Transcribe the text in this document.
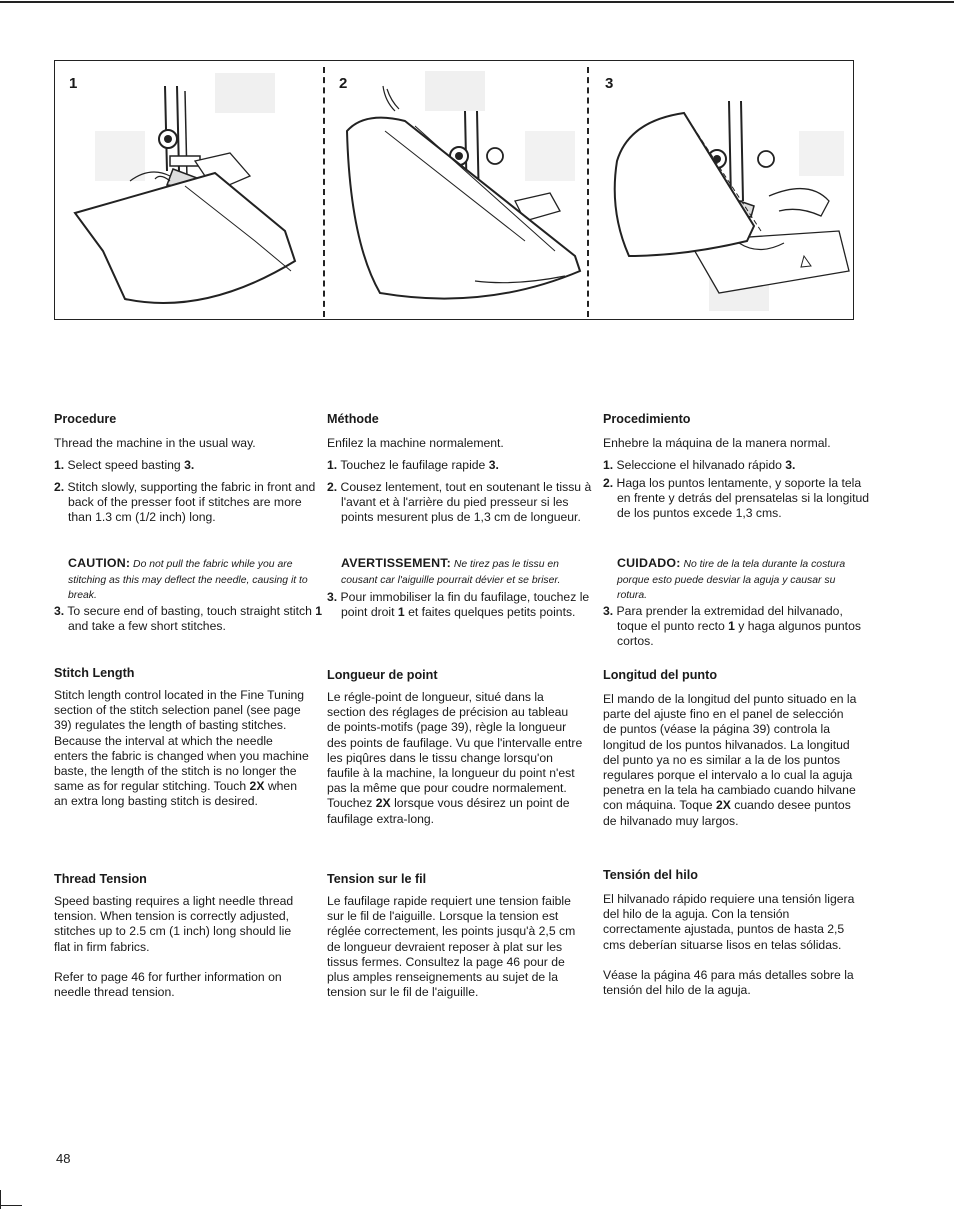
1	2	3
Procedure

Thread the machine in the usual way.

1. Select speed basting 3.

2. Stitch slowly, supporting the fabric in front and back of the presser foot if stitches are more than 1.3 cm (1/2 inch) long.

CAUTION: Do not pull the fabric while you are stitching as this may deflect the needle, causing it to break.

3. To secure end of basting, touch straight stitch 1 and take a few short stitches.

Stitch Length

Stitch length control located in the Fine Tuning section of the stitch selection panel (see page 39) regulates the length of basting stitches. Because the interval at which the needle enters the fabric is changed when you machine baste, the length of the stitch is no longer the same as for regular stitching. Touch 2X when an extra long basting stitch is desired.

Thread Tension

Speed basting requires a light needle thread tension. When tension is correctly adjusted, stitches up to 2.5 cm (1 inch) long should lie flat in firm fabrics.

Refer to page 46 for further information on needle thread tension.

Méthode

Enfilez la machine normalement.

1. Touchez le faufilage rapide 3.

2. Cousez lentement, tout en soutenant le tissu à l'avant et à l'arrière du pied presseur si les points mesurent plus de 1,3 cm de longueur.

AVERTISSEMENT: Ne tirez pas le tissu en cousant car l'aiguille pourrait dévier et se briser.

3. Pour immobiliser la fin du faufilage, touchez le point droit 1 et faites quelques petits points.

Longueur de point

Le régle-point de longueur, situé dans la section des réglages de précision au tableau de points-motifs (page 39), règle la longueur des points de faufilage. Vu que l'intervalle entre les piqûres dans le tissu change lorsqu'on faufile à la machine, la longueur du point n'est pas la même que pour coudre normalement. Touchez 2X lorsque vous désirez un point de faufilage extra-long.

Tension sur le fil

Le faufilage rapide requiert une tension faible sur le fil de l'aiguille. Lorsque la tension est réglée correctement, les points jusqu'à 2,5 cm de longueur devraient reposer à plat sur les tissus fermes. Consultez la page 46 pour de plus amples renseignements au sujet de la tension sur le fil de l'aiguille.

Procedimiento

Enhebre la máquina de la manera normal.

1. Seleccione el hilvanado rápido 3.

2. Haga los puntos lentamente, y soporte la tela en frente y detrás del prensatelas si la longitud de los puntos excede 1,3 cms.

CUIDADO: No tire de la tela durante la costura porque esto puede desviar la aguja y causar su rotura.

3. Para prender la extremidad del hilvanado, toque el punto recto 1 y haga algunos puntos cortos.

Longitud del punto

El mando de la longitud del punto situado en la parte del ajuste fino en el panel de selección de puntos (véase la página 39) controla la longitud de los puntos hilvanados. La longitud del punto ya no es similar a la de los puntos regulares porque el intervalo a lo cual la aguja penetra en la tela ha cambiado cuando hilvane con máquina. Toque 2X cuando desee puntos de hilvanado muy largos.

Tensión del hilo

El hilvanado rápido requiere una tensión ligera del hilo de la aguja. Con la tensión correctamente ajustada, puntos de hasta 2,5 cms deberían situarse lisos en telas sólidas.

Véase la página 46 para más detalles sobre la tensión del hilo de la aguja.

48
